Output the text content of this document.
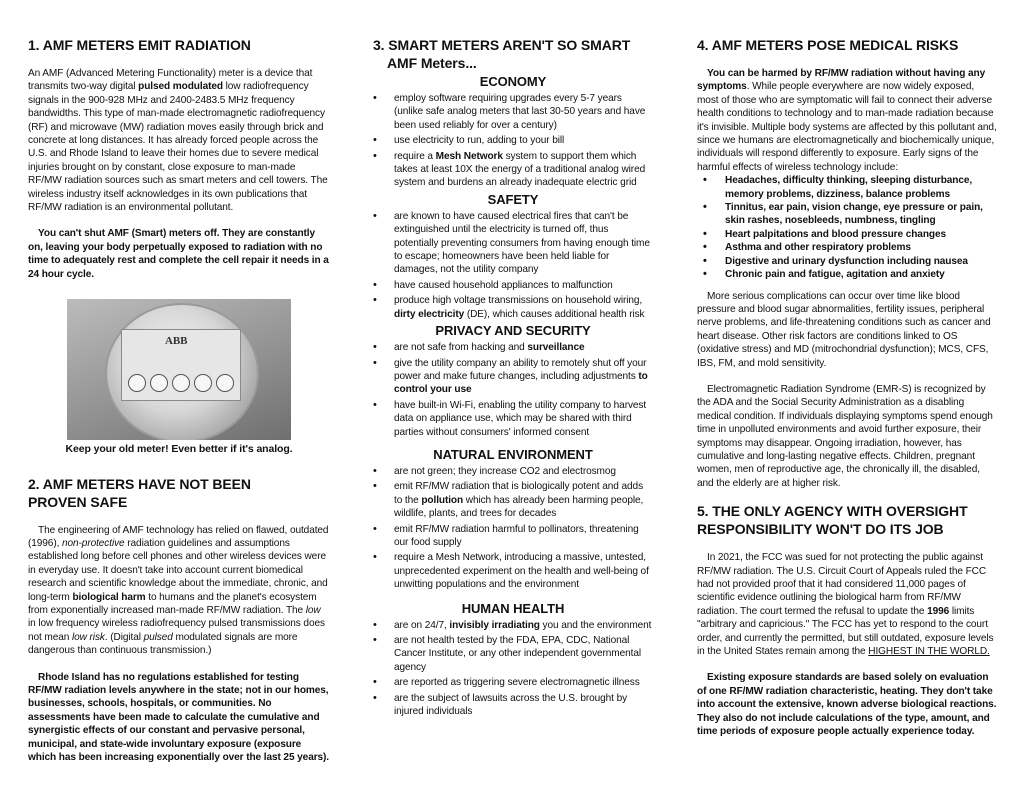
1. AMF METERS EMIT RADIATION

An AMF (Advanced Metering Functionality) meter is a device that transmits two-way digital pulsed modulated low radiofrequency signals in the 900-928 MHz and 2400-2483.5 MHz frequency bandwidths. This type of man-made electromagnetic radiofrequency (RF) and microwave (MW) radiation moves easily through brick and concrete at long distances. It has already forced people across the U.S. and Rhode Island to leave their homes due to severe medical injuries brought on by constant, close exposure to man-made RF/MW radiation sources such as smart meters and cell towers. The wireless industry itself acknowledges in its own publications that RF/MW radiation is an environmental pollutant.

You can't shut AMF (Smart) meters off. They are constantly on, leaving your body perpetually exposed to radiation with no time to adequately rest and complete the cell repair it needs in a 24 hour cycle.

ABB
Keep your old meter! Even better if it's analog.
2. AMF METERS HAVE NOT BEEN
PROVEN SAFE

The engineering of AMF technology has relied on flawed, outdated (1996), non-protective radiation guidelines and assumptions established long before cell phones and other wireless devices were in everyday use. It doesn't take into account current biomedical research and scientific knowledge about the immediate, chronic, and long-term biological harm to humans and the planet's ecosystem from exponentially increased man-made RF/MW radiation. The low in low frequency wireless radiofrequency pulsed transmissions does not mean low risk. (Digital pulsed modulated signals are more dangerous than continuous transmission.)

Rhode Island has no regulations established for testing RF/MW radiation levels anywhere in the state; not in our homes, businesses, schools, hospitals, or communities. No assessments have been made to calculate the cumulative and synergistic effects of our constant and pervasive personal, municipal, and state-wide involuntary exposure (exposure which has been increasing exponentially over the last 25 years).

3. SMART METERS AREN'T SO SMART
AMF Meters...
ECONOMY
• employ software requiring upgrades every 5-7 years (unlike safe analog meters that last 30-50 years and have been used reliably for over a century)
• use electricity to run, adding to your bill
• require a Mesh Network system to support them which takes at least 10X the energy of a traditional analog wired system and burdens an already inadequate electric grid
SAFETY
• are known to have caused electrical fires that can't be extinguished until the electricity is turned off, thus potentially preventing consumers from having enough time to escape; homeowners have been held liable for damages, not the utility company
• have caused household appliances to malfunction
• produce high voltage transmissions on household wiring, dirty electricity (DE), which causes additional health risk
PRIVACY AND SECURITY
• are not safe from hacking and surveillance
• give the utility company an ability to remotely shut off your power and make future changes, including adjustments to control your use
• have built-in Wi-Fi, enabling the utility company to harvest data on appliance use, which may be shared with third parties without consumers' informed consent
NATURAL ENVIRONMENT
• are not green; they increase CO2 and electrosmog
• emit RF/MW radiation that is biologically potent and adds to the pollution which has already been harming people, wildlife, plants, and trees for decades
• emit RF/MW radiation harmful to pollinators, threatening our food supply
• require a Mesh Network, introducing a massive, untested, unprecedented experiment on the health and well-being of unwitting populations and the environment
HUMAN HEALTH
• are on 24/7, invisibly irradiating you and the environment
• are not health tested by the FDA, EPA, CDC, National Cancer Institute, or any other independent governmental agency
• are reported as triggering severe electromagnetic illness
• are the subject of lawsuits across the U.S. brought by injured individuals
4. AMF METERS POSE MEDICAL RISKS

You can be harmed by RF/MW radiation without having any symptoms. While people everywhere are now widely exposed, most of those who are symptomatic will fail to connect their adverse health conditions to technology and to man-made radiation because it's invisible. Multiple body systems are affected by this pollutant and, since we humans are electromagnetically and biochemically unique, individuals will respond differently to exposure. Early signs of the harmful effects of wireless technology include:

• Headaches, difficulty thinking, sleeping disturbance, memory problems, dizziness, balance problems
• Tinnitus, ear pain, vision change, eye pressure or pain, skin rashes, nosebleeds, numbness, tingling
• Heart palpitations and blood pressure changes
• Asthma and other respiratory problems
• Digestive and urinary dysfunction including nausea
• Chronic pain and fatigue, agitation and anxiety

More serious complications can occur over time like blood pressure and blood sugar abnormalities, fertility issues, peripheral nerve problems, and life-threatening conditions such as cancer and heart disease. Other risk factors are conditions linked to OS (oxidative stress) and MD (mitrochondrial dysfunction); MCS, CFS, IBS, FM, and mold sensitivity.

Electromagnetic Radiation Syndrome (EMR-S) is recognized by the ADA and the Social Security Administration as a disabling medical condition. If individuals displaying symptoms spend enough time in unpolluted environments and avoid further exposure, their symptoms may disappear. Ongoing irradiation, however, has cumulative and long-lasting negative effects. Children, pregnant women, men of reproductive age, the chronically ill, the disabled, and the elderly are at higher risk.

5. THE ONLY AGENCY WITH OVERSIGHT
RESPONSIBILITY WON'T DO ITS JOB

In 2021, the FCC was sued for not protecting the public against RF/MW radiation. The U.S. Circuit Court of Appeals ruled the FCC had not provided proof that it had considered 11,000 pages of scientific evidence outlining the biological harm from RF/MW radiation. The court termed the refusal to update the 1996 limits "arbitrary and capricious." The FCC has yet to respond to the court order, and currently the permitted, but still outdated, exposure levels in the United States remain among the HIGHEST IN THE WORLD.

Existing exposure standards are based solely on evaluation of one RF/MW radiation characteristic, heating. They don't take into account the extensive, known adverse biological reactions. They also do not include calculations of the type, amount, and time periods of exposure people actually experience today.
